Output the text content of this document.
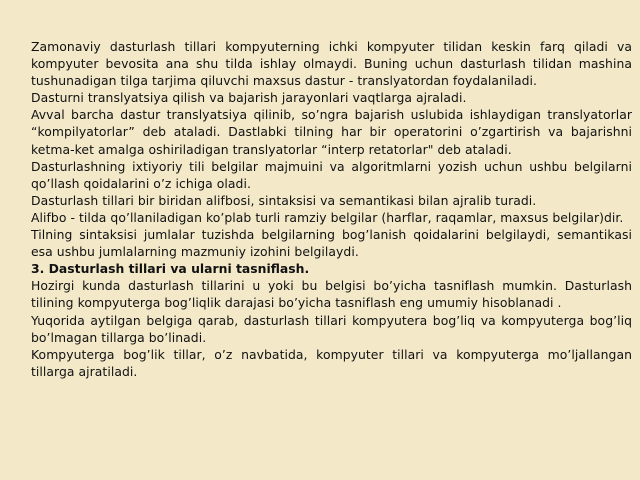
Zamonaviy dasturlash tillari kompyuterning ichki kompyuter tilidan keskin farq qiladi va kompyuter bevosita ana shu tilda ishlay olmaydi. Buning uchun dasturlash tilidan mashina tushunadigan tilga tarjima qiluvchi maxsus dastur - translyatordan foydalaniladi.

Dasturni translyatsiya qilish va bajarish jarayonlari vaqtlarga ajraladi.

Avval barcha dastur translyatsiya qilinib, so’ngra bajarish uslubida ishlaydigan translyatorlar “kompilyatorlar” deb ataladi. Dastlabki tilning har bir operatorini o’zgartirish va bajarishni ketma-ket amalga oshiriladigan translyatorlar “interp retatorlar" deb ataladi.

Dasturlashning ixtiyoriy tili belgilar majmuini va algoritmlarni yozish uchun ushbu belgilarni qo’llash qoidalarini o’z ichiga oladi.

Dasturlash tillari bir biridan alifbosi, sintaksisi va semantikasi bilan ajralib turadi.

Alifbo - tilda qo’llaniladigan ko’plab turli ramziy belgilar (harflar, raqamlar, maxsus belgilar)dir.

Tilning sintaksisi jumlalar tuzishda belgilarning bog’lanish qoidalarini belgilaydi, semantikasi esa ushbu jumlalarning mazmuniy izohini belgilaydi.

3. Dasturlash tillari va ularni tasniflash.

Hozirgi kunda dasturlash tillarini u yoki bu belgisi bo’yicha tasniflash mumkin. Dasturlash tilining kompyuterga bog’liqlik darajasi bo’yicha tasniflash eng umumiy hisoblanadi .

Yuqorida aytilgan belgiga qarab, dasturlash tillari kompyutera bog’liq va kompyuterga bog’liq bo’lmagan tillarga bo’linadi.

Kompyuterga bog’lik tillar, o’z navbatida, kompyuter tillari va kompyuterga mo’ljallangan tillarga ajratiladi.
